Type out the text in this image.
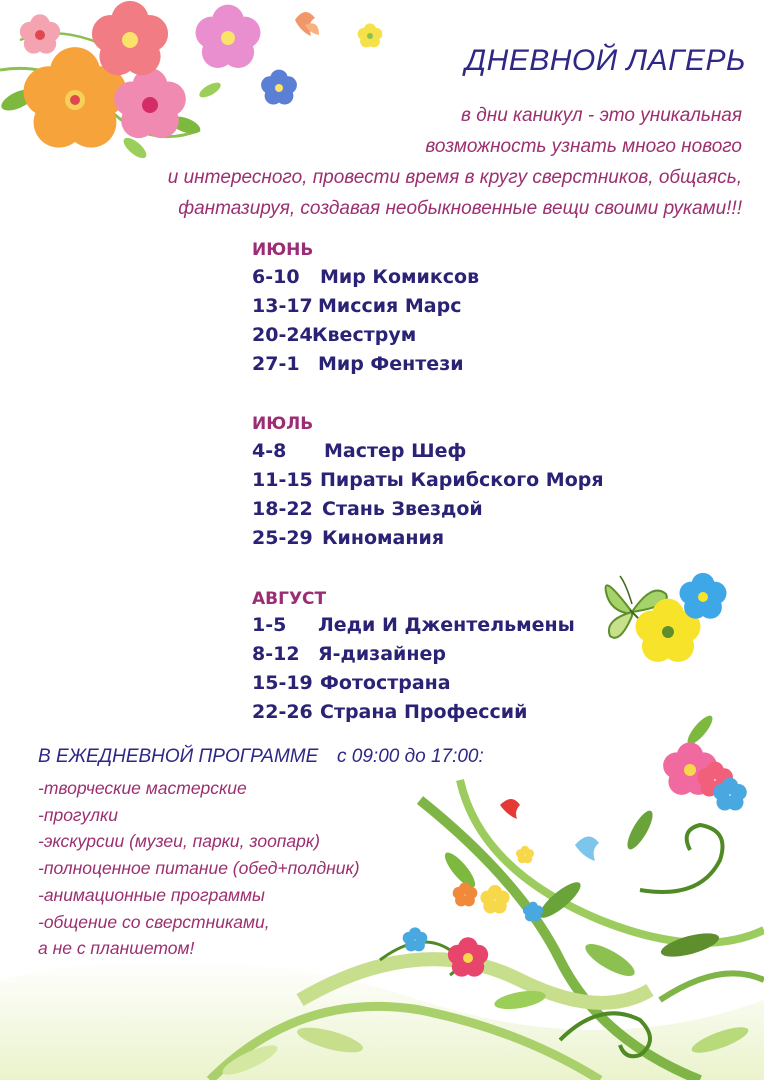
ДНЕВНОЙ ЛАГЕРЬ
в дни каникул - это уникальная
возможность узнать много нового
и интересного, провести время в кругу сверстников, общаясь,
фантазируя, создавая необыкновенные вещи своими руками!!!
ИЮНЬ
6-10 Мир Комиксов
13-17 Миссия Марс
20-24 Квеструм
27-1 Мир Фентези
ИЮЛЬ
4-8 Мастер Шеф
11-15 Пираты Карибского Моря
18-22 Стань Звездой
25-29 Киномания
АВГУСТ
1-5 Леди И Джентельмены
8-12 Я-дизайнер
15-19 Фотострана
22-26 Страна Профессий
В ЕЖЕДНЕВНОЙ ПРОГРАММЕ с 09:00 до 17:00:
-творческие мастерские
-прогулки
-экскурсии (музеи, парки, зоопарк)
-полноценное питание (обед+полдник)
-анимационные программы
-общение со сверстниками,
а не с планшетом!
